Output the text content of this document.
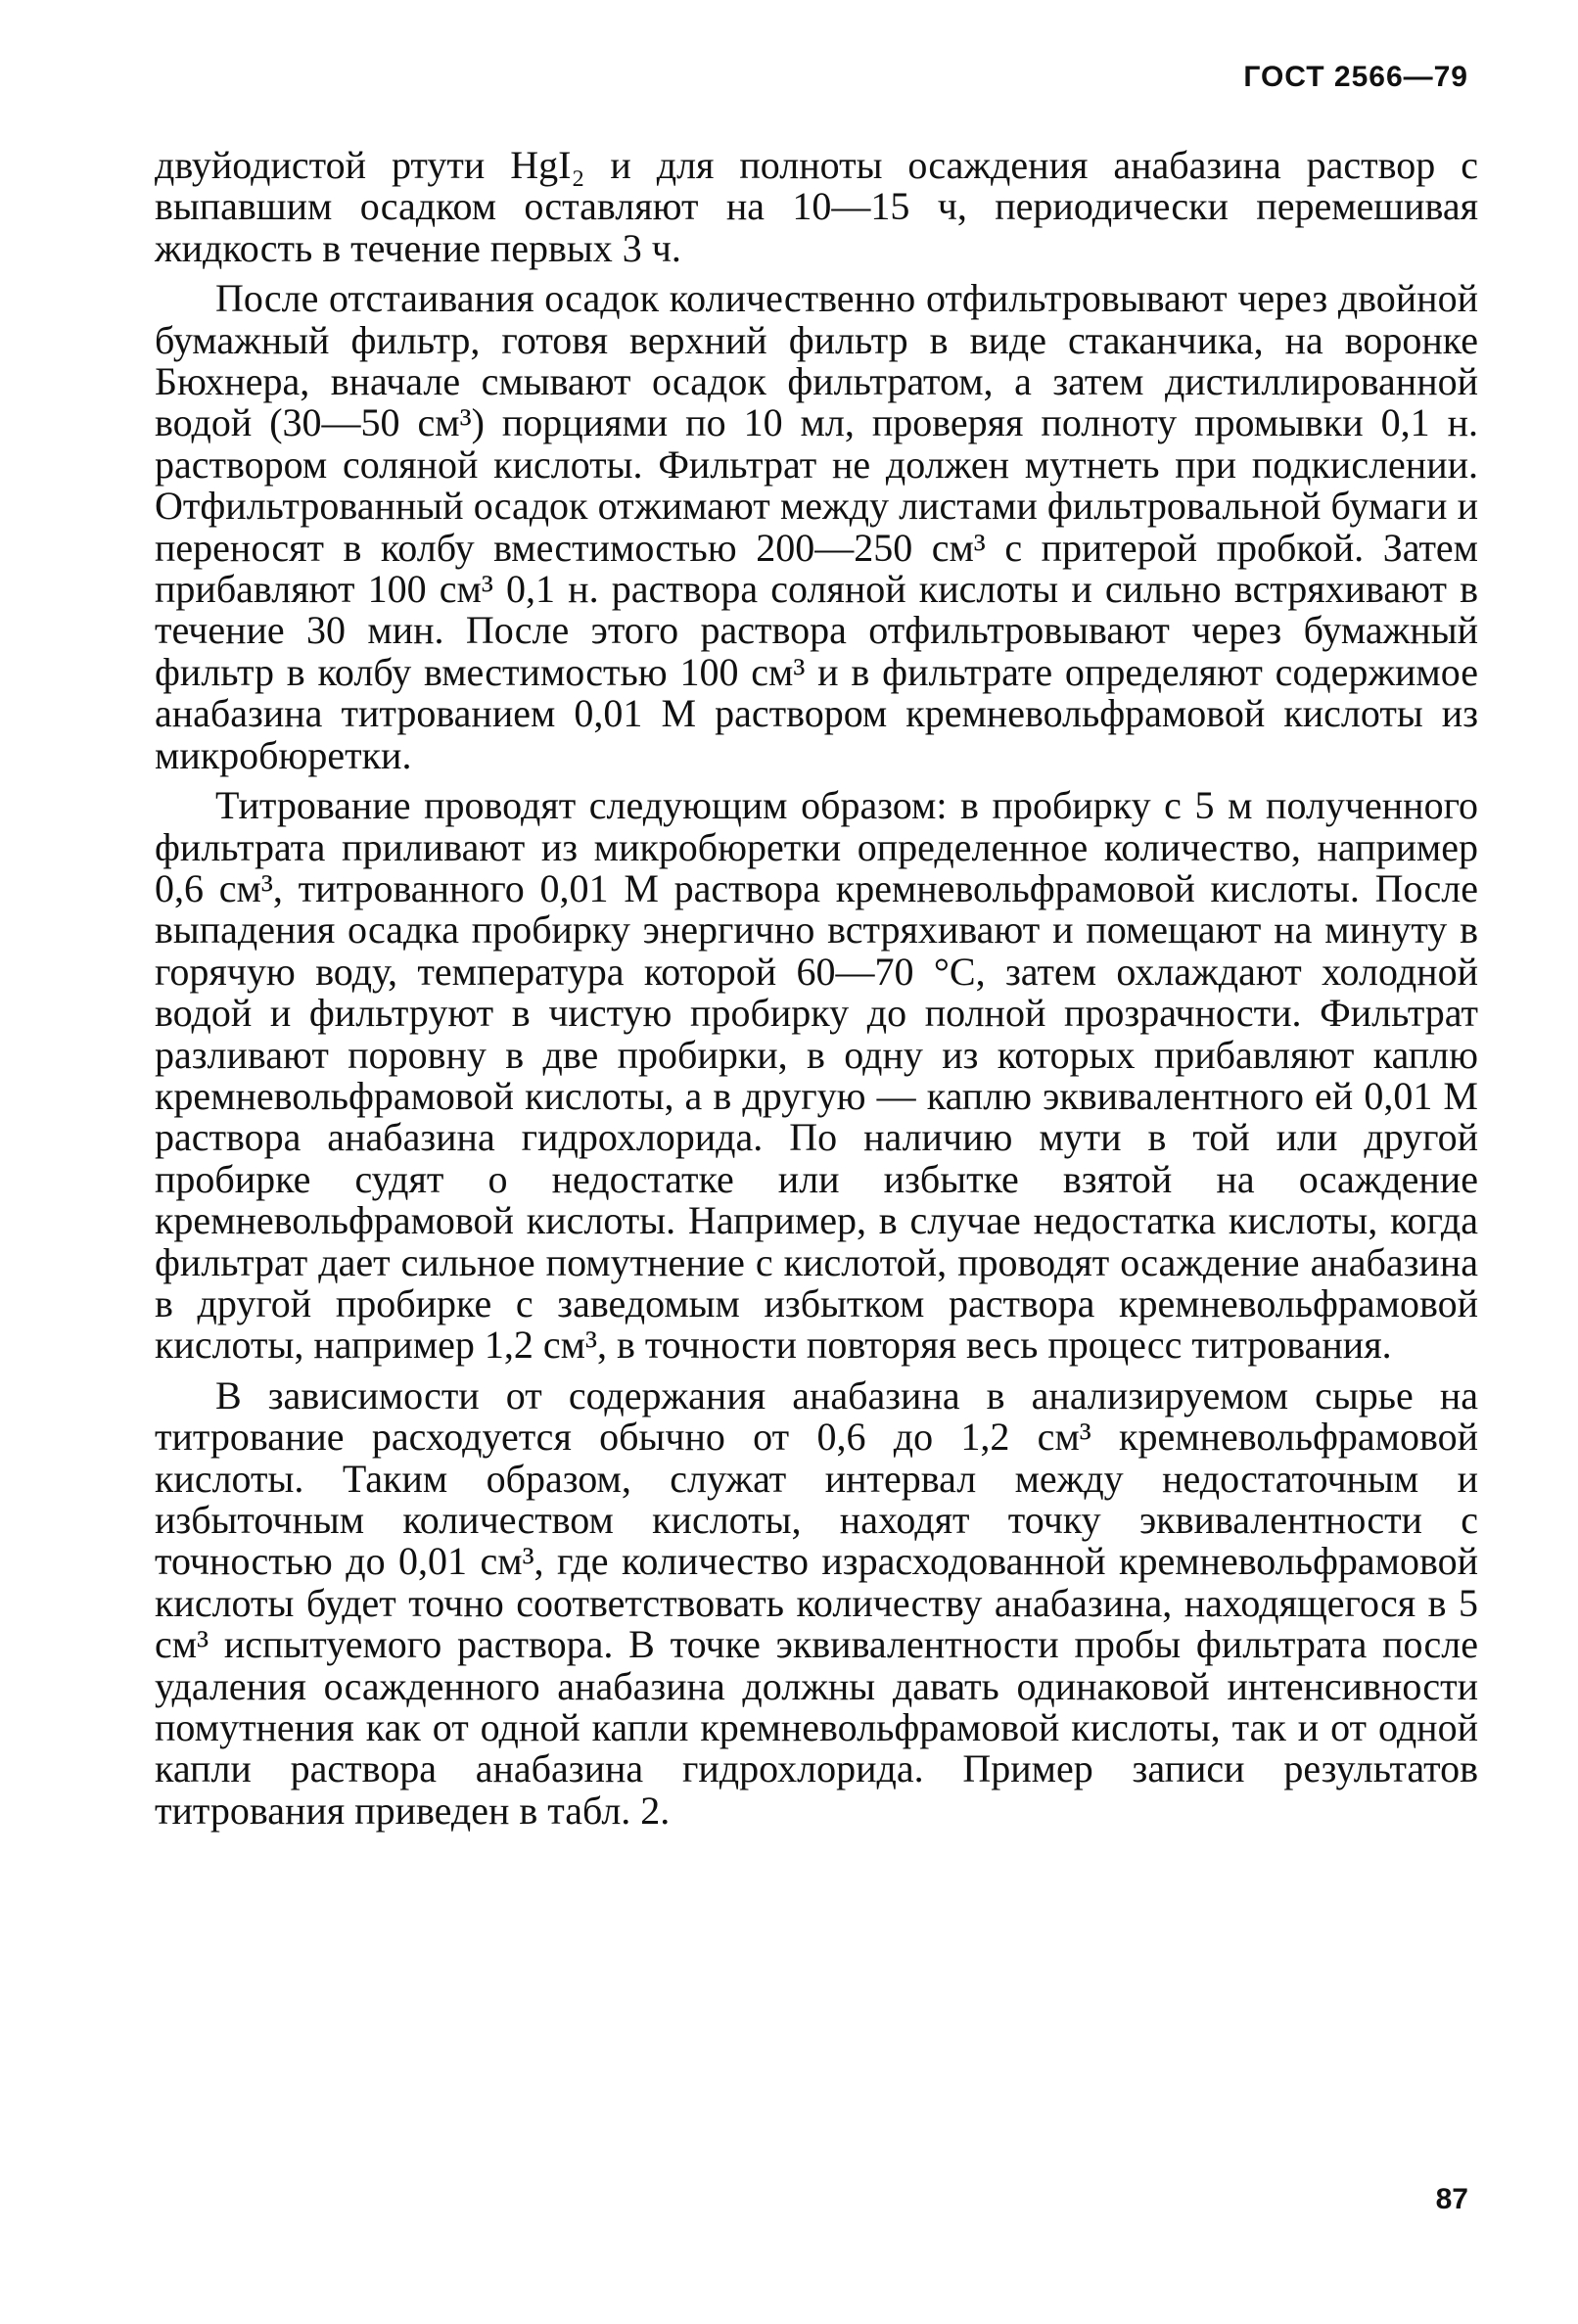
ГОСТ 2566—79

двуйодистой ртути HgI₂ и для полноты осаждения анабазина раствор с выпавшим осадком оставляют на 10—15 ч, периодически перемешивая жидкость в течение первых 3 ч.

После отстаивания осадок количественно отфильтровывают через двойной бумажный фильтр, готовя верхний фильтр в виде стаканчика, на воронке Бюхнера, вначале смывают осадок фильтратом, а затем дистиллированной водой (30—50 см³) порциями по 10 мл, проверяя полноту промывки 0,1 н. раствором соляной кислоты. Фильтрат не должен мутнеть при подкислении. Отфильтрованный осадок отжимают между листами фильтровальной бумаги и переносят в колбу вместимостью 200—250 см³ с притерой пробкой. Затем прибавляют 100 см³ 0,1 н. раствора соляной кислоты и сильно встряхивают в течение 30 мин. После этого раствора отфильтровывают через бумажный фильтр в колбу вместимостью 100 см³ и в фильтрате определяют содержимое анабазина титрованием 0,01 М раствором кремневольфрамовой кислоты из микробюретки.

Титрование проводят следующим образом: в пробирку с 5 м полученного фильтрата приливают из микробюретки определенное количество, например 0,6 см³, титрованного 0,01 М раствора кремневольфрамовой кислоты. После выпадения осадка пробирку энергично встряхивают и помещают на минуту в горячую воду, температура которой 60—70 °С, затем охлаждают холодной водой и фильтруют в чистую пробирку до полной прозрачности. Фильтрат разливают поровну в две пробирки, в одну из которых прибавляют каплю кремневольфрамовой кислоты, а в другую — каплю эквивалентного ей 0,01 М раствора анабазина гидрохлорида. По наличию мути в той или другой пробирке судят о недостатке или избытке взятой на осаждение кремневольфрамовой кислоты. Например, в случае недостатка кислоты, когда фильтрат дает сильное помутнение с кислотой, проводят осаждение анабазина в другой пробирке с заведомым избытком раствора кремневольфрамовой кислоты, например 1,2 см³, в точности повторяя весь процесс титрования.

В зависимости от содержания анабазина в анализируемом сырье на титрование расходуется обычно от 0,6 до 1,2 см³ кремневольфрамовой кислоты. Таким образом, служат интервал между недостаточным и избыточным количеством кислоты, находят точку эквивалентности с точностью до 0,01 см³, где количество израсходованной кремневольфрамовой кислоты будет точно соответствовать количеству анабазина, находящегося в 5 см³ испытуемого раствора. В точке эквивалентности пробы фильтрата после удаления осажденного анабазина должны давать одинаковой интенсивности помутнения как от одной капли кремневольфрамовой кислоты, так и от одной капли раствора анабазина гидрохлорида. Пример записи результатов титрования приведен в табл. 2.

87
